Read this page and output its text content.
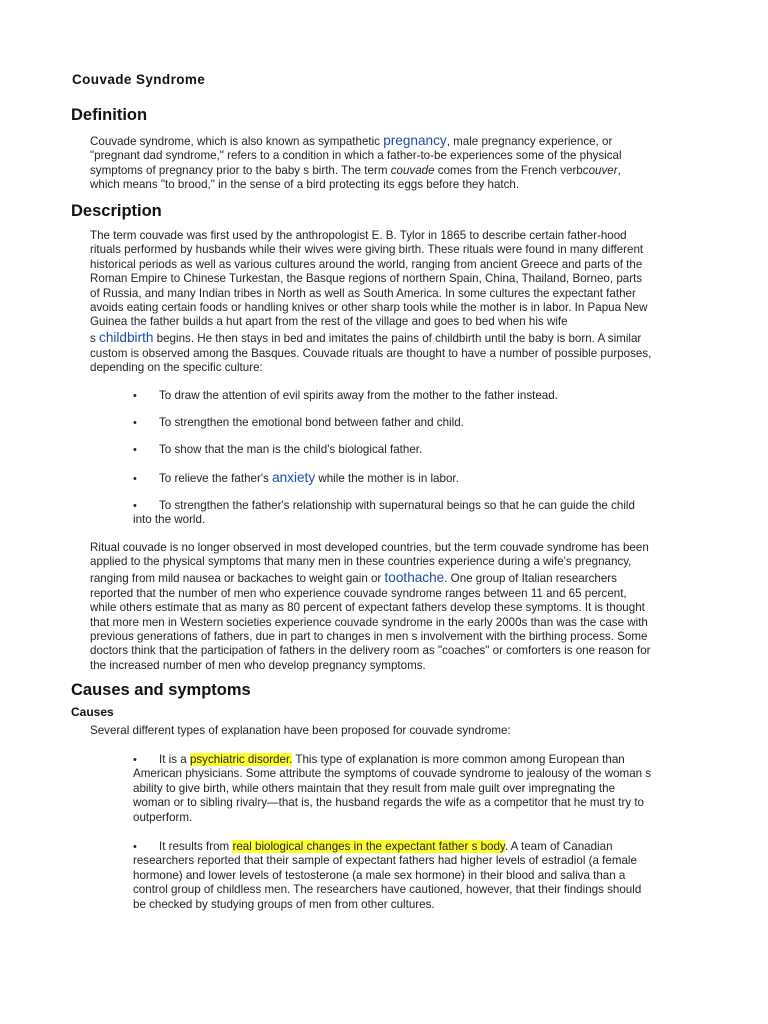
Couvade Syndrome
Definition
Couvade syndrome, which is also known as sympathetic pregnancy, male pregnancy experience, or
"pregnant dad syndrome," refers to a condition in which a father-to-be experiences some of the physical
symptoms of pregnancy prior to the baby s birth. The term couvade comes from the French verbcouver,
which means "to brood," in the sense of a bird protecting its eggs before they hatch.
Description
The term couvade was first used by the anthropologist E. B. Tylor in 1865 to describe certain father-hood
rituals performed by husbands while their wives were giving birth. These rituals were found in many different
historical periods as well as various cultures around the world, ranging from ancient Greece and parts of the
Roman Empire to Chinese Turkestan, the Basque regions of northern Spain, China, Thailand, Borneo, parts
of Russia, and many Indian tribes in North as well as South America. In some cultures the expectant father
avoids eating certain foods or handling knives or other sharp tools while the mother is in labor. In Papua New
Guinea the father builds a hut apart from the rest of the village and goes to bed when his wife
s childbirth begins. He then stays in bed and imitates the pains of childbirth until the baby is born. A similar
custom is observed among the Basques. Couvade rituals are thought to have a number of possible purposes,
depending on the specific culture:
• To draw the attention of evil spirits away from the mother to the father instead.
• To strengthen the emotional bond between father and child.
• To show that the man is the child's biological father.
• To relieve the father's anxiety while the mother is in labor.
• To strengthen the father's relationship with supernatural beings so that he can guide the child
into the world.
Ritual couvade is no longer observed in most developed countries, but the term couvade syndrome has been
applied to the physical symptoms that many men in these countries experience during a wife's pregnancy,
ranging from mild nausea or backaches to weight gain or toothache. One group of Italian researchers
reported that the number of men who experience couvade syndrome ranges between 11 and 65 percent,
while others estimate that as many as 80 percent of expectant fathers develop these symptoms. It is thought
that more men in Western societies experience couvade syndrome in the early 2000s than was the case with
previous generations of fathers, due in part to changes in men s involvement with the birthing process. Some
doctors think that the participation of fathers in the delivery room as "coaches" or comforters is one reason for
the increased number of men who develop pregnancy symptoms.
Causes and symptoms
Causes
Several different types of explanation have been proposed for couvade syndrome:
• It is a psychiatric disorder. This type of explanation is more common among European than
American physicians. Some attribute the symptoms of couvade syndrome to jealousy of the woman s
ability to give birth, while others maintain that they result from male guilt over impregnating the
woman or to sibling rivalry—that is, the husband regards the wife as a competitor that he must try to
outperform.
• It results from real biological changes in the expectant father s body. A team of Canadian
researchers reported that their sample of expectant fathers had higher levels of estradiol (a female
hormone) and lower levels of testosterone (a male sex hormone) in their blood and saliva than a
control group of childless men. The researchers have cautioned, however, that their findings should
be checked by studying groups of men from other cultures.
